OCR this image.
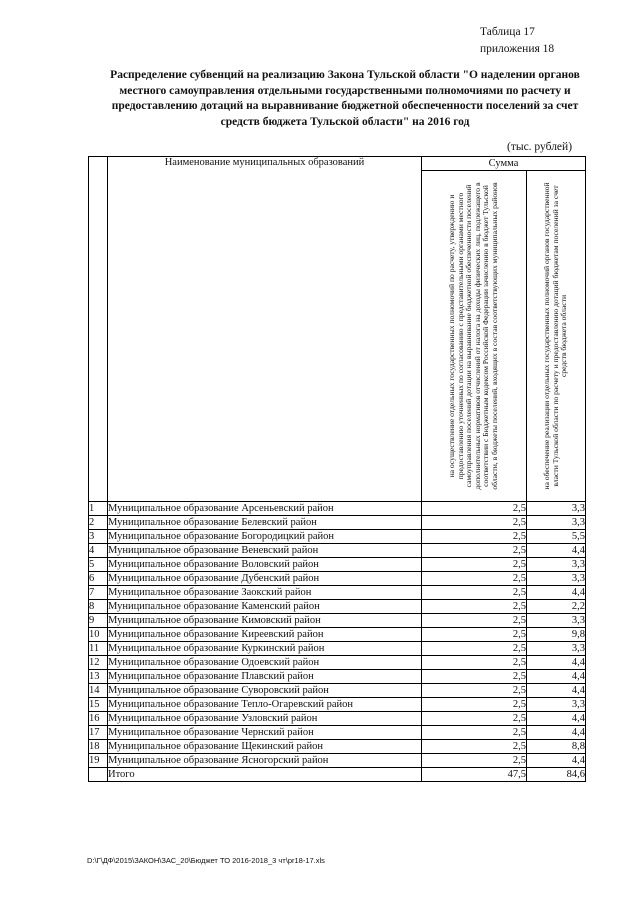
Таблица 17
приложения 18
Распределение субвенций на реализацию Закона Тульской области "О наделении органов местного самоуправления отдельными государственными полномочиями по расчету и предоставлению дотаций на выравнивание бюджетной обеспеченности поселений за счет средств бюджета Тульской области" на 2016 год
(тыс. рублей)
	Наименование муниципальных образований	Сумма	

		на осуществление отдельных государственных полномочий по расчету, утверждению и предоставлению уточненных по согласованию с представительными органами местного самоуправления поселений дотации на выравнивание бюджетной обеспеченности поселений дополнительных нормативов отчислений от налога на доходы физических лиц, подлежащего в соответствии с Бюджетным кодексом Российской Федерации зачислению в бюджет Тульской области, в бюджеты поселений, входящих в состав соответствующих муниципальных районов	на обеспечение реализации отдельных государственных полномочий органов государственной власти Тульской области по расчету и предоставлению дотаций бюджетам поселений за счет средств бюджета области

1	Муниципальное образование Арсеньевский район	2,5	3,3
2	Муниципальное образование Белевский район	2,5	3,3
3	Муниципальное образование Богородицкий район	2,5	5,5
4	Муниципальное образование Веневский район	2,5	4,4
5	Муниципальное образование Воловский район	2,5	3,3
6	Муниципальное образование Дубенский район	2,5	3,3
7	Муниципальное образование Заокский район	2,5	4,4
8	Муниципальное образование Каменский район	2,5	2,2
9	Муниципальное образование Кимовский район	2,5	3,3
10	Муниципальное образование Киреевский район	2,5	9,8
11	Муниципальное образование Куркинский район	2,5	3,3
12	Муниципальное образование Одоевский район	2,5	4,4
13	Муниципальное образование Плавский район	2,5	4,4
14	Муниципальное образование Суворовский район	2,5	4,4
15	Муниципальное образование Тепло-Огаревский район	2,5	3,3
16	Муниципальное образование Узловский район	2,5	4,4
17	Муниципальное образование Чернский район	2,5	4,4
18	Муниципальное образование Щекинский район	2,5	8,8
19	Муниципальное образование Ясногорский район	2,5	4,4
	Итого	47,5	84,6
D:\Г\ДФ\2015\ЗАКОН\ЗАС_20\Бюджет ТО 2016-2018_3 чт\pr18-17.xls
